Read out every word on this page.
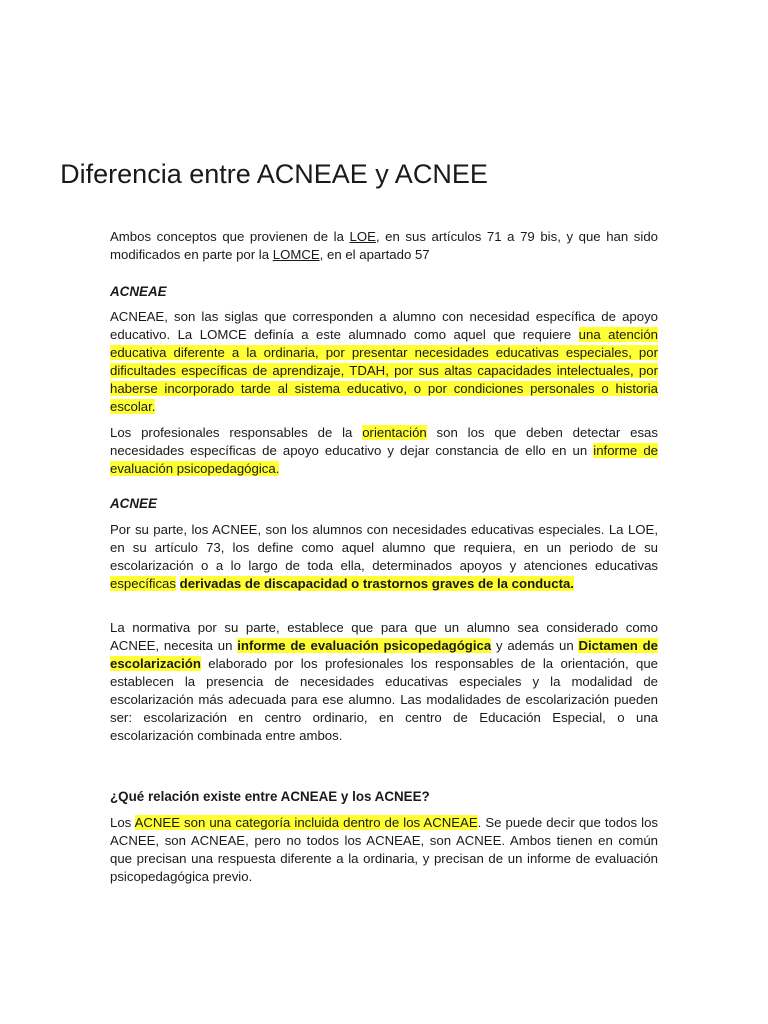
Diferencia entre ACNEAE y ACNEE

Ambos conceptos que provienen de la LOE, en sus artículos 71 a 79 bis, y que han sido modificados en parte por la LOMCE, en el apartado 57

ACNEAE

ACNEAE, son las siglas que corresponden a alumno con necesidad específica de apoyo educativo. La LOMCE definía a este alumnado como aquel que requiere una atención educativa diferente a la ordinaria, por presentar necesidades educativas especiales, por dificultades específicas de aprendizaje, TDAH, por sus altas capacidades intelectuales, por haberse incorporado tarde al sistema educativo, o por condiciones personales o historia escolar.

Los profesionales responsables de la orientación son los que deben detectar esas necesidades específicas de apoyo educativo y dejar constancia de ello en un informe de evaluación psicopedagógica.

ACNEE

Por su parte, los ACNEE, son los alumnos con necesidades educativas especiales. La LOE, en su artículo 73, los define como aquel alumno que requiera, en un periodo de su escolarización o a lo largo de toda ella, determinados apoyos y atenciones educativas específicas derivadas de discapacidad o trastornos graves de la conducta.

La normativa por su parte, establece que para que un alumno sea considerado como ACNEE, necesita un informe de evaluación psicopedagógica y además un Dictamen de escolarización elaborado por los profesionales los responsables de la orientación, que establecen la presencia de necesidades educativas especiales y la modalidad de escolarización más adecuada para ese alumno. Las modalidades de escolarización pueden ser: escolarización en centro ordinario, en centro de Educación Especial, o una escolarización combinada entre ambos.

¿Qué relación existe entre ACNEAE y los ACNEE?

Los ACNEE son una categoría incluida dentro de los ACNEAE. Se puede decir que todos los ACNEE, son ACNEAE, pero no todos los ACNEAE, son ACNEE. Ambos tienen en común que precisan una respuesta diferente a la ordinaria, y precisan de un informe de evaluación psicopedagógica previo.
